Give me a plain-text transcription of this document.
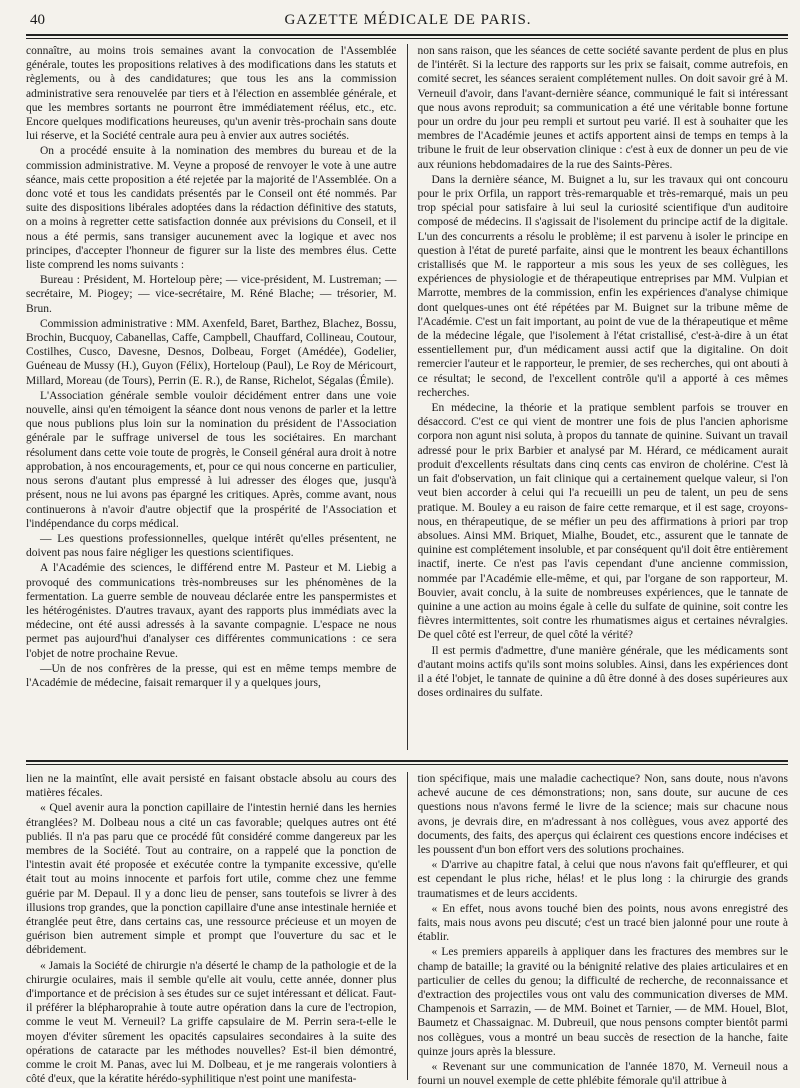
40	GAZETTE MÉDICALE DE PARIS.

connaître, au moins trois semaines avant la convocation de l'Assemblée générale, toutes les propositions relatives à des modifications dans les statuts et règlements, ou à des candidatures; que tous les ans la commission administrative sera renouvelée par tiers et à l'élection en assemblée générale, et que les membres sortants ne pourront être immédiatement réélus, etc., etc. Encore quelques modifications heureuses, qu'un avenir très-prochain sans doute lui réserve, et la Société centrale aura peu à envier aux autres sociétés.

On a procédé ensuite à la nomination des membres du bureau et de la commission administrative. M. Veyne a proposé de renvoyer le vote à une autre séance, mais cette proposition a été rejetée par la majorité de l'Assemblée. On a donc voté et tous les candidats présentés par le Conseil ont été nommés. Par suite des dispositions libérales adoptées dans la rédaction définitive des statuts, on a moins à regretter cette satisfaction donnée aux prévisions du Conseil, et il nous a été permis, sans transiger aucunement avec la logique et avec nos principes, d'accepter l'honneur de figurer sur la liste des membres élus. Cette liste comprend les noms suivants :

Bureau : Président, M. Horteloup père; — vice-président, M. Lustreman; — secrétaire, M. Piogey; — vice-secrétaire, M. Réné Blache; — trésorier, M. Brun.

Commission administrative : MM. Axenfeld, Baret, Barthez, Blachez, Bossu, Brochin, Bucquoy, Cabanellas, Caffe, Campbell, Chauffard, Collineau, Coutour, Costilhes, Cusco, Davesne, Desnos, Dolbeau, Forget (Amédée), Godelier, Guéneau de Mussy (H.), Guyon (Félix), Horteloup (Paul), Le Roy de Méricourt, Millard, Moreau (de Tours), Perrin (E. R.), de Ranse, Richelot, Ségalas (Émile).

L'Association générale semble vouloir décidément entrer dans une voie nouvelle, ainsi qu'en témoigent la séance dont nous venons de parler et la lettre que nous publions plus loin sur la nomination du président de l'Association générale par le suffrage universel de tous les sociétaires. En marchant résolument dans cette voie toute de progrès, le Conseil général aura droit à notre approbation, à nos encouragements, et, pour ce qui nous concerne en particulier, nous serons d'autant plus empressé à lui adresser des éloges que, jusqu'à présent, nous ne lui avons pas épargné les critiques. Après, comme avant, nous continuerons à n'avoir d'autre objectif que la prospérité de l'Association et l'indépendance du corps médical.

— Les questions professionnelles, quelque intérêt qu'elles présentent, ne doivent pas nous faire négliger les questions scientifiques.

A l'Académie des sciences, le différend entre M. Pasteur et M. Liebig a provoqué des communications très-nombreuses sur les phénomènes de la fermentation. La guerre semble de nouveau déclarée entre les panspermistes et les hétérogénistes. D'autres travaux, ayant des rapports plus immédiats avec la médecine, ont été aussi adressés à la savante compagnie. L'espace ne nous permet pas aujourd'hui d'analyser ces différentes communications : ce sera l'objet de notre prochaine Revue.

—Un de nos confrères de la presse, qui est en même temps membre de l'Académie de médecine, faisait remarquer il y a quelques jours,

non sans raison, que les séances de cette société savante perdent de plus en plus de l'intérêt. Si la lecture des rapports sur les prix se faisait, comme autrefois, en comité secret, les séances seraient complétement nulles. On doit savoir gré à M. Verneuil d'avoir, dans l'avant-dernière séance, communiqué le fait si intéressant que nous avons reproduit; sa communication a été une véritable bonne fortune pour un ordre du jour peu rempli et surtout peu varié. Il est à souhaiter que les membres de l'Académie jeunes et actifs apportent ainsi de temps en temps à la tribune le fruit de leur observation clinique : c'est à eux de donner un peu de vie aux réunions hebdomadaires de la rue des Saints-Pères.

Dans la dernière séance, M. Buignet a lu, sur les travaux qui ont concouru pour le prix Orfila, un rapport très-remarquable et très-remarqué, mais un peu trop spécial pour satisfaire à lui seul la curiosité scientifique d'un auditoire composé de médecins. Il s'agissait de l'isolement du principe actif de la digitale. L'un des concurrents a résolu le problème; il est parvenu à isoler le principe en question à l'état de pureté parfaite, ainsi que le montrent les beaux échantillons cristallisés que M. le rapporteur a mis sous les yeux de ses collègues, les expériences de physiologie et de thérapeutique entreprises par MM. Vulpian et Marrotte, membres de la commission, enfin les expériences d'analyse chimique dont quelques-unes ont été répétées par M. Buignet sur la tribune même de l'Académie. C'est un fait important, au point de vue de la thérapeutique et même de la médecine légale, que l'isolement à l'état cristallisé, c'est-à-dire à un état essentiellement pur, d'un médicament aussi actif que la digitaline. On doit remercier l'auteur et le rapporteur, le premier, de ses recherches, qui ont abouti à ce résultat; le second, de l'excellent contrôle qu'il a apporté à ces mêmes recherches.

En médecine, la théorie et la pratique semblent parfois se trouver en désaccord. C'est ce qui vient de montrer une fois de plus l'ancien aphorisme corpora non agunt nisi soluta, à propos du tannate de quinine. Suivant un travail adressé pour le prix Barbier et analysé par M. Hérard, ce médicament aurait produit d'excellents résultats dans cinq cents cas environ de cholérine. C'est là un fait d'observation, un fait clinique qui a certainement quelque valeur, si l'on veut bien accorder à celui qui l'a recueilli un peu de talent, un peu de sens pratique. M. Bouley a eu raison de faire cette remarque, et il est sage, croyons-nous, en thérapeutique, de se méfier un peu des affirmations à priori par trop absolues. Ainsi MM. Briquet, Mialhe, Boudet, etc., assurent que le tannate de quinine est complétement insoluble, et par conséquent qu'il doit être entièrement inactif, inerte. Ce n'est pas l'avis cependant d'une ancienne commission, nommée par l'Académie elle-même, et qui, par l'organe de son rapporteur, M. Bouvier, avait conclu, à la suite de nombreuses expériences, que le tannate de quinine a une action au moins égale à celle du sulfate de quinine, soit contre les fièvres intermittentes, soit contre les rhumatismes aigus et certaines névralgies. De quel côté est l'erreur, de quel côté la vérité?

Il est permis d'admettre, d'une manière générale, que les médicaments sont d'autant moins actifs qu'ils sont moins solubles. Ainsi, dans les expériences dont il a été l'objet, le tannate de quinine a dû être donné à des doses supérieures aux doses ordinaires du sulfate.

lien ne la maintînt, elle avait persisté en faisant obstacle absolu au cours des matières fécales.

« Quel avenir aura la ponction capillaire de l'intestin hernié dans les hernies étranglées? M. Dolbeau nous a cité un cas favorable; quelques autres ont été publiés. Il n'a pas paru que ce procédé fût considéré comme dangereux par les membres de la Société. Tout au contraire, on a rappelé que la ponction de l'intestin avait été proposée et exécutée contre la tympanite excessive, qu'elle était tout au moins innocente et parfois fort utile, comme chez une femme guérie par M. Depaul. Il y a donc lieu de penser, sans toutefois se livrer à des illusions trop grandes, que la ponction capillaire d'une anse intestinale herniée et étranglée peut être, dans certains cas, une ressource précieuse et un moyen de guérison bien autrement simple et prompt que l'ouverture du sac et le débridement.

« Jamais la Société de chirurgie n'a déserté le champ de la pathologie et de la chirurgie oculaires, mais il semble qu'elle ait voulu, cette année, donner plus d'importance et de précision à ses études sur ce sujet intéressant et délicat. Faut-il préférer la blépharoprahie à toute autre opération dans la cure de l'ectropion, comme le veut M. Verneuil? La griffe capsulaire de M. Perrin sera-t-elle le moyen d'éviter sûrement les opacités capsulaires secondaires à la suite des opérations de cataracte par les méthodes nouvelles? Est-il bien démontré, comme le croit M. Panas, avec lui M. Dolbeau, et je me rangerais volontiers à côté d'eux, que la kératite hérédo-syphilitique n'est point une manifesta-

tion spécifique, mais une maladie cachectique? Non, sans doute, nous n'avons achevé aucune de ces démonstrations; non, sans doute, sur aucune de ces questions nous n'avons fermé le livre de la science; mais sur chacune nous avons, je devrais dire, en m'adressant à nos collègues, vous avez apporté des documents, des faits, des aperçus qui éclairent ces questions encore indécises et les poussent d'un bon effort vers des solutions prochaines.

« D'arrive au chapitre fatal, à celui que nous n'avons fait qu'effleurer, et qui est cependant le plus riche, hélas! et le plus long : la chirurgie des grands traumatismes et de leurs accidents.

« En effet, nous avons touché bien des points, nous avons enregistré des faits, mais nous avons peu discuté; c'est un tracé bien jalonné pour une route à établir.

« Les premiers appareils à appliquer dans les fractures des membres sur le champ de bataille; la gravité ou la bénignité relative des plaies articulaires et en particulier de celles du genou; la difficulté de recherche, de reconnaissance et d'extraction des projectiles vous ont valu des communication diverses de MM. Champenois et Sarrazin, — de MM. Boinet et Tarnier, — de MM. Houel, Blot, Baumetz et Chassaignac. M. Dubreuil, que nous pensons compter bientôt parmi nos collègues, vous a montré un beau succès de resection de la hanche, faite quinze jours après la blessure.

« Revenant sur une communication de l'année 1870, M. Verneuil nous a fourni un nouvel exemple de cette phlébite fémorale qu'il attribue à
